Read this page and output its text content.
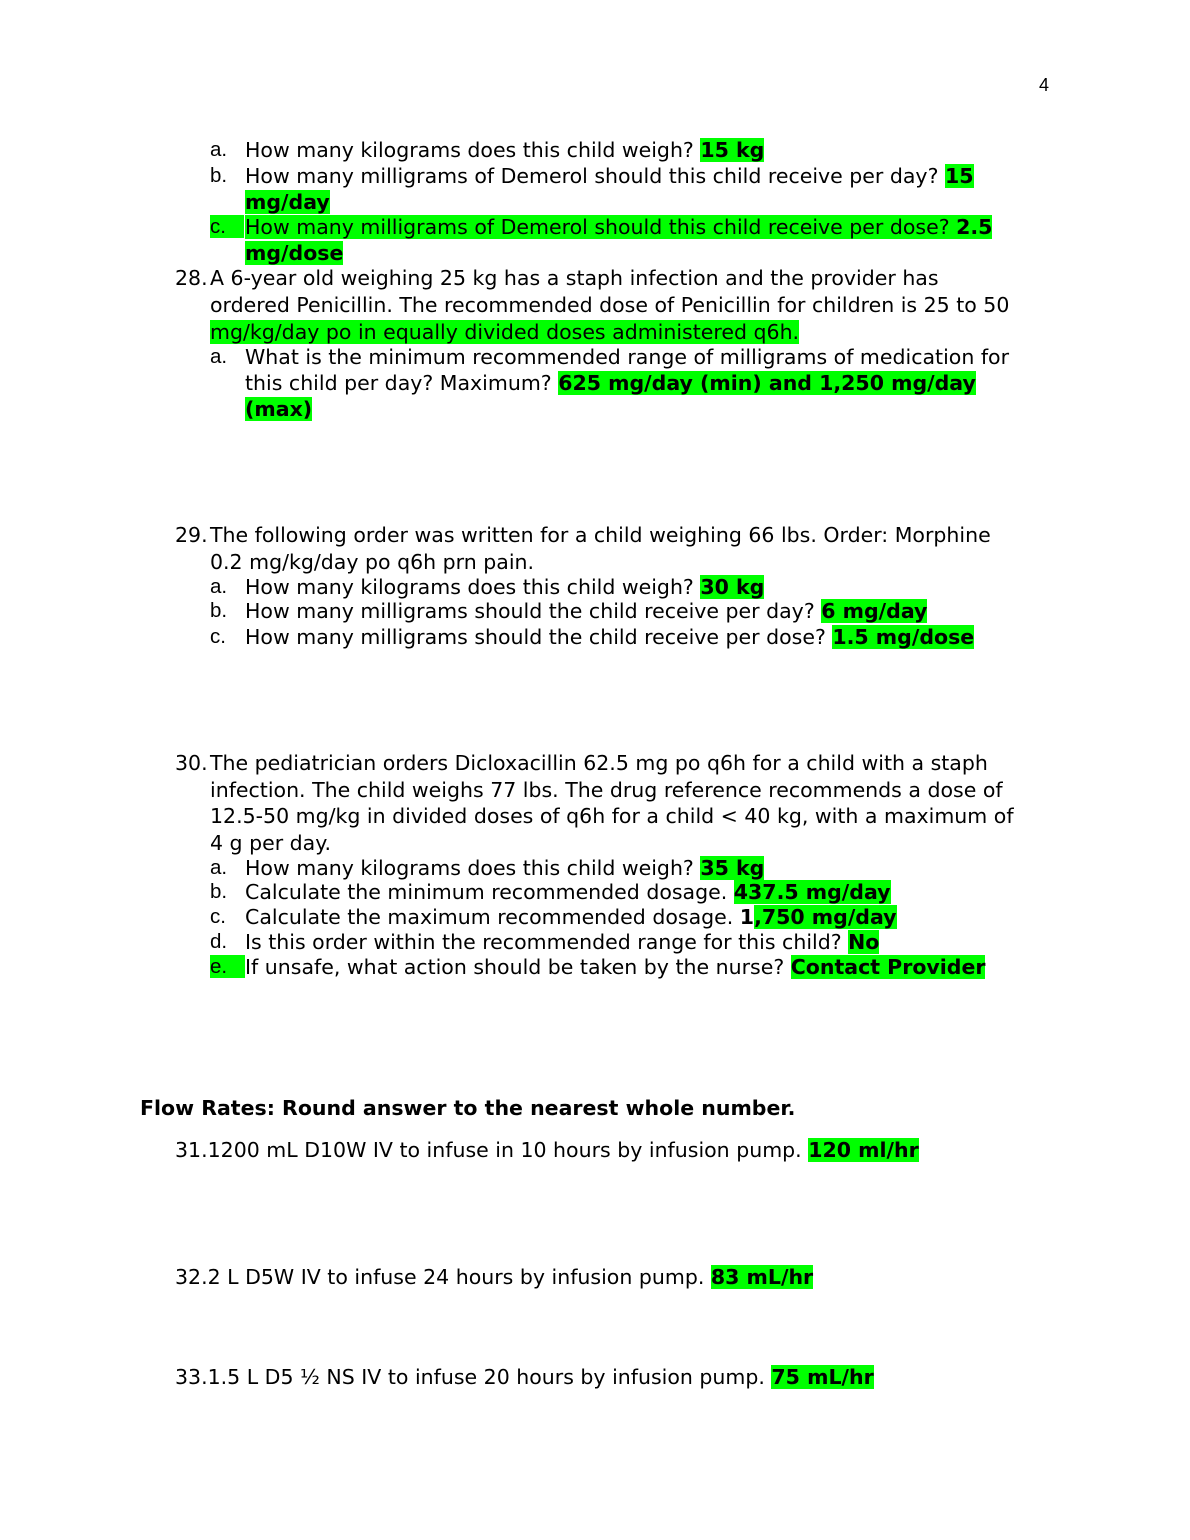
4
a. How many kilograms does this child weigh? 15 kg
b. How many milligrams of Demerol should this child receive per day? 15
mg/day
c. How many milligrams of Demerol should this child receive per dose? 2.5
mg/dose
28. A 6-year old weighing 25 kg has a staph infection and the provider has
ordered Penicillin. The recommended dose of Penicillin for children is 25 to 50
mg/kg/day po in equally divided doses administered q6h.
a. What is the minimum recommended range of milligrams of medication for
this child per day? Maximum? 625 mg/day (min) and 1,250 mg/day
(max)
29. The following order was written for a child weighing 66 lbs. Order: Morphine
0.2 mg/kg/day po q6h prn pain.
a. How many kilograms does this child weigh? 30 kg
b. How many milligrams should the child receive per day? 6 mg/day
c. How many milligrams should the child receive per dose? 1.5 mg/dose
30. The pediatrician orders Dicloxacillin 62.5 mg po q6h for a child with a staph
infection. The child weighs 77 lbs. The drug reference recommends a dose of
12.5-50 mg/kg in divided doses of q6h for a child < 40 kg, with a maximum of
4 g per day.
a. How many kilograms does this child weigh? 35 kg
b. Calculate the minimum recommended dosage. 437.5 mg/day
c. Calculate the maximum recommended dosage. 1,750 mg/day
d. Is this order within the recommended range for this child? No
e. If unsafe, what action should be taken by the nurse? Contact Provider
Flow Rates: Round answer to the nearest whole number.
31.1200 mL D10W IV to infuse in 10 hours by infusion pump. 120 ml/hr
32.2 L D5W IV to infuse 24 hours by infusion pump. 83 mL/hr
33.1.5 L D5 ½ NS IV to infuse 20 hours by infusion pump. 75 mL/hr
